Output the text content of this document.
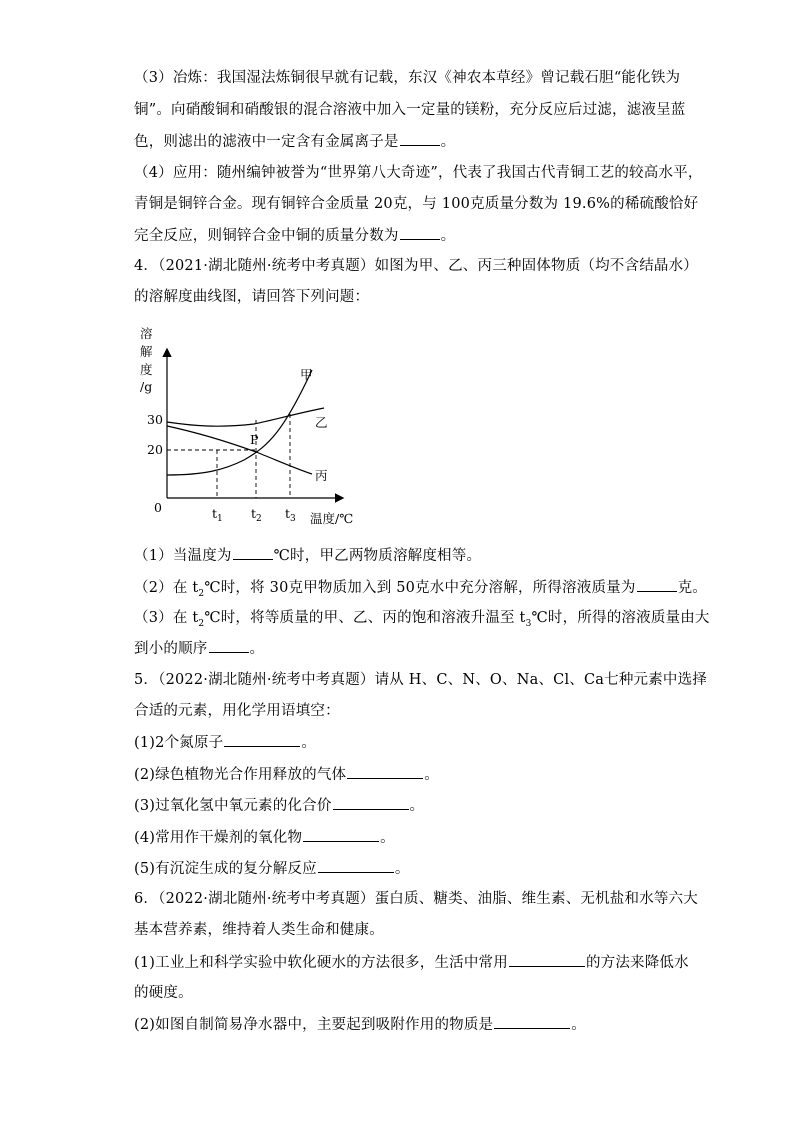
（3）冶炼：我国湿法炼铜很早就有记载，东汉《神农本草经》曾记载石胆“能化铁为
铜”。向硝酸铜和硝酸银的混合溶液中加入一定量的镁粉，充分反应后过滤，滤液呈蓝
色，则滤出的滤液中一定含有金属离子是	。
（4）应用：随州编钟被誉为“世界第八大奇迹”，代表了我国古代青铜工艺的较高水平，
青铜是铜锌合金。现有铜锌合金质量 20克，与 100克质量分数为 19.6%的稀硫酸恰好
完全反应，则铜锌合金中铜的质量分数为	。
4．（2021·湖北随州·统考中考真题）如图为甲、乙、丙三种固体物质（均不含结晶水）
的溶解度曲线图，请回答下列问题：
溶
解
度
/g
30
20
0	$t_1$ $t_2$ $t_3$ 温度/℃
甲
乙
丙
P
（1）当温度为	℃时，甲乙两物质溶解度相等。
（2）在 $t_2℃$时，将 30克甲物质加入到 50克水中充分溶解，所得溶液质量为	克。
（3）在 $t_2℃$时，将等质量的甲、乙、丙的饱和溶液升温至 $t_3℃$时，所得的溶液质量由大
到小的顺序	。
5．（2022·湖北随州·统考中考真题）请从 H、C、N、O、Na、Cl、Ca七种元素中选择
合适的元素，用化学用语填空：
(1)2个氮原子	。
(2)绿色植物光合作用释放的气体	。
(3)过氧化氢中氧元素的化合价	。
(4)常用作干燥剂的氧化物	。
(5)有沉淀生成的复分解反应	。
6．（2022·湖北随州·统考中考真题）蛋白质、糖类、油脂、维生素、无机盐和水等六大
基本营养素，维持着人类生命和健康。
(1)工业上和科学实验中软化硬水的方法很多，生活中常用	的方法来降低水
的硬度。
(2)如图自制简易净水器中，主要起到吸附作用的物质是	。
